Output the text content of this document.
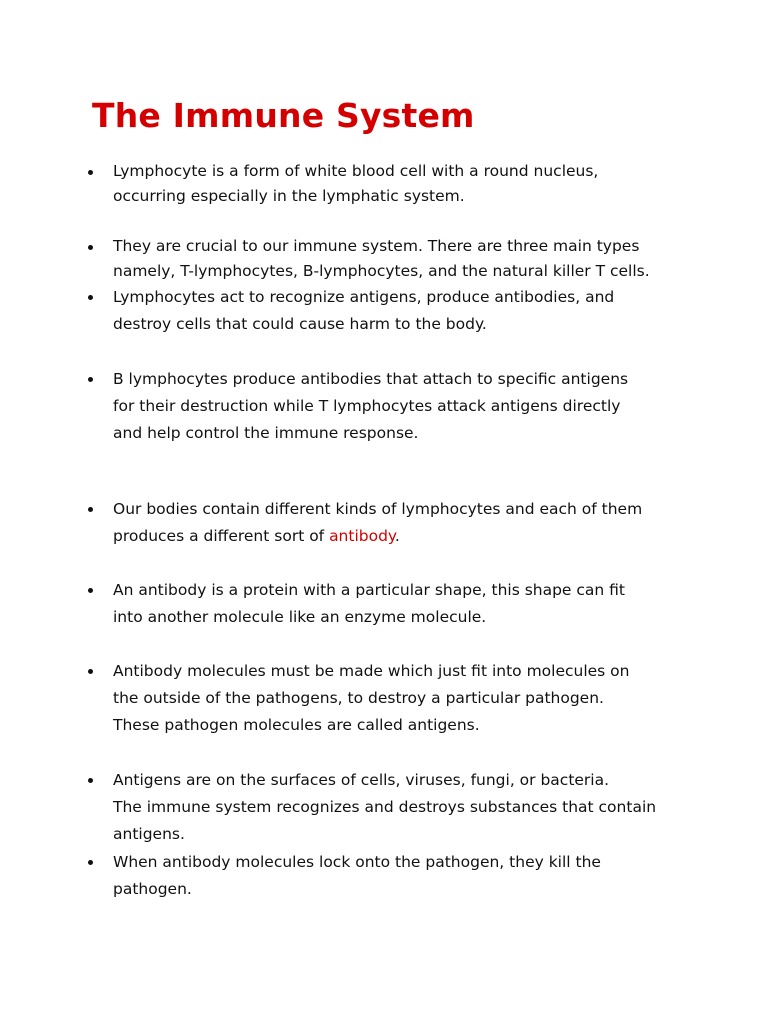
The Immune System
Lymphocyte is a form of white blood cell with a round nucleus,
occurring especially in the lymphatic system.
They are crucial to our immune system. There are three main types
namely, T-lymphocytes, B-lymphocytes, and the natural killer T cells.
Lymphocytes act to recognize antigens, produce antibodies, and
destroy cells that could cause harm to the body.
B lymphocytes produce antibodies that attach to specific antigens
for their destruction while T lymphocytes attack antigens directly
and help control the immune response.
Our bodies contain different kinds of lymphocytes and each of them
produces a different sort of antibody.
An antibody is a protein with a particular shape, this shape can fit
into another molecule like an enzyme molecule.
Antibody molecules must be made which just fit into molecules on
the outside of the pathogens, to destroy a particular pathogen.
These pathogen molecules are called antigens.
Antigens are on the surfaces of cells, viruses, fungi, or bacteria.
The immune system recognizes and destroys substances that contain
antigens.
When antibody molecules lock onto the pathogen, they kill the
pathogen.
